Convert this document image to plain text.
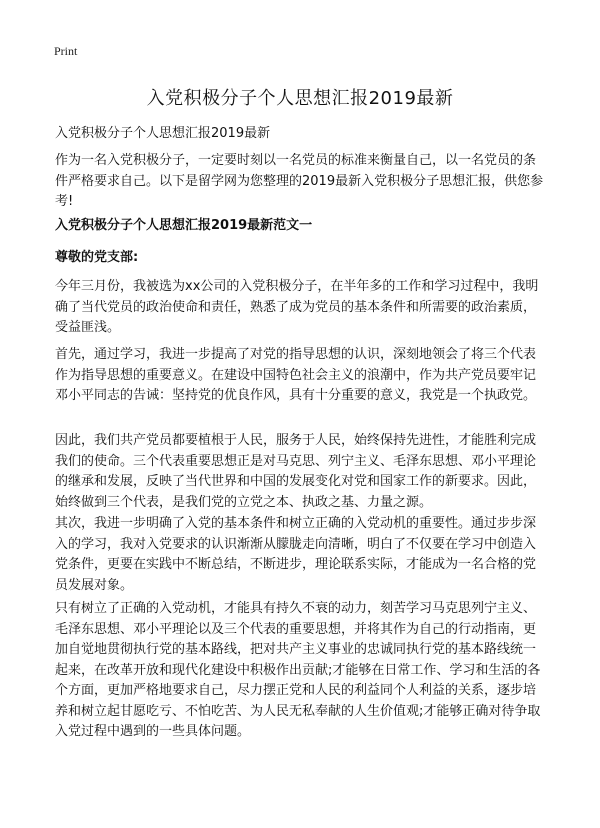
Print
入党积极分子个人思想汇报2019最新

入党积极分子个人思想汇报2019最新

作为一名入党积极分子，一定要时刻以一名党员的标准来衡量自己，以一名党员的条件严格要求自己。以下是留学网为您整理的2019最新入党积极分子思想汇报，供您参考!

入党积极分子个人思想汇报2019最新范文一

尊敬的党支部:

今年三月份，我被选为xx公司的入党积极分子，在半年多的工作和学习过程中，我明确了当代党员的政治使命和责任，熟悉了成为党员的基本条件和所需要的政治素质，受益匪浅。

首先，通过学习，我进一步提高了对党的指导思想的认识，深刻地领会了将三个代表作为指导思想的重要意义。在建设中国特色社会主义的浪潮中，作为共产党员要牢记邓小平同志的告诫：坚持党的优良作风，具有十分重要的意义，我党是一个执政党。

因此，我们共产党员都要植根于人民，服务于人民，始终保持先进性，才能胜利完成我们的使命。三个代表重要思想正是对马克思、列宁主义、毛泽东思想、邓小平理论的继承和发展，反映了当代世界和中国的发展变化对党和国家工作的新要求。因此，始终做到三个代表，是我们党的立党之本、执政之基、力量之源。

其次，我进一步明确了入党的基本条件和树立正确的入党动机的重要性。通过步步深入的学习，我对入党要求的认识渐渐从朦胧走向清晰，明白了不仅要在学习中创造入党条件，更要在实践中不断总结，不断进步，理论联系实际，才能成为一名合格的党员发展对象。

只有树立了正确的入党动机，才能具有持久不衰的动力，刻苦学习马克思列宁主义、毛泽东思想、邓小平理论以及三个代表的重要思想，并将其作为自己的行动指南，更加自觉地贯彻执行党的基本路线，把对共产主义事业的忠诚同执行党的基本路线统一起来，在改革开放和现代化建设中积极作出贡献;才能够在日常工作、学习和生活的各个方面，更加严格地要求自己，尽力摆正党和人民的利益同个人利益的关系，逐步培养和树立起甘愿吃亏、不怕吃苦、为人民无私奉献的人生价值观;才能够正确对待争取入党过程中遇到的一些具体问题。
